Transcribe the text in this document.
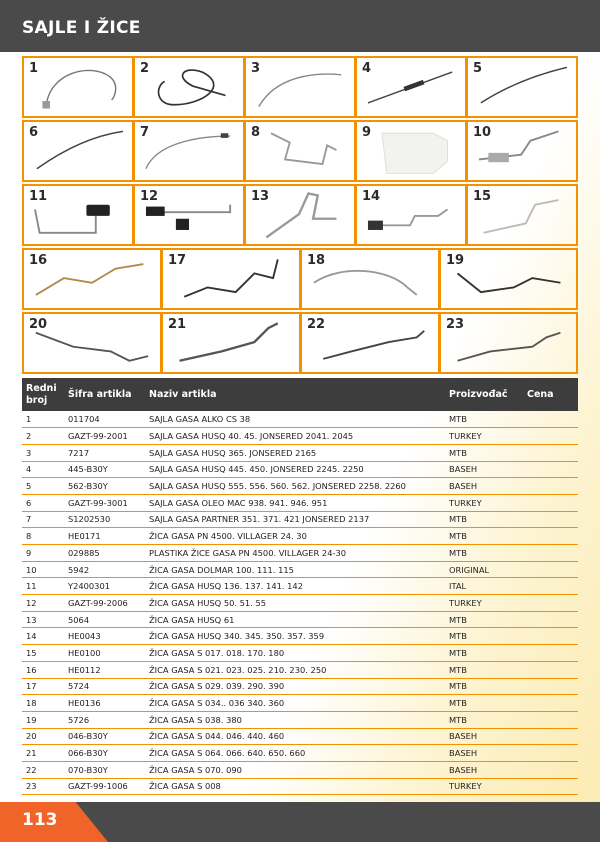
SAJLE I ŽICE
1	2	3	4	5
6	7	8	9	10
11	12	13	14	15
16	17	18	19
20	21	22	23
Redni broj	Šifra artikla	Naziv artikla	Proizvođač	Cena
1	011704	SAJLA GASA ALKO CS 38	MTB	
2	GAZT-99-2001	SAJLA GASA HUSQ 40. 45. JONSERED 2041. 2045	TURKEY	
3	7217	SAJLA GASA HUSQ 365. JONSERED 2165	MTB	
4	445-B30Y	SAJLA GASA HUSQ 445. 450. JONSERED 2245. 2250	BASEH	
5	562-B30Y	SAJLA GASA HUSQ 555. 556. 560. 562. JONSERED 2258. 2260	BASEH	
6	GAZT-99-3001	SAJLA GASA OLEO MAC 938. 941. 946. 951	TURKEY	
7	S1202530	SAJLA GASA PARTNER 351. 371. 421 JONSERED 2137	MTB	
8	HE0171	ŽICA GASA PN 4500. VILLAGER 24. 30	MTB	
9	029885	PLASTIKA ŽICE GASA PN 4500. VILLAGER 24-30	MTB	
10	5942	ŽICA GASA DOLMAR 100. 111. 115	ORIGINAL	
11	Y2400301	ŽICA GASA HUSQ 136. 137. 141. 142	ITAL	
12	GAZT-99-2006	ŽICA GASA HUSQ 50. 51. 55	TURKEY	
13	5064	ŽICA GASA HUSQ 61	MTB	
14	HE0043	ŽICA GASA HUSQ 340. 345. 350. 357. 359	MTB	
15	HE0100	ŽICA GASA S 017. 018. 170. 180	MTB	
16	HE0112	ŽICA GASA S 021. 023. 025. 210. 230. 250	MTB	
17	5724	ŽICA GASA S 029. 039. 290. 390	MTB	
18	HE0136	ŽICA GASA S 034.. 036 340. 360	MTB	
19	5726	ŽICA GASA S 038. 380	MTB	
20	046-B30Y	ŽICA GASA S 044. 046. 440. 460	BASEH	
21	066-B30Y	ŽICA GASA S 064. 066. 640. 650. 660	BASEH	
22	070-B30Y	ŽICA GASA S 070. 090	BASEH	
23	GAZT-99-1006	ŽICA GASA S 008	TURKEY	
113
